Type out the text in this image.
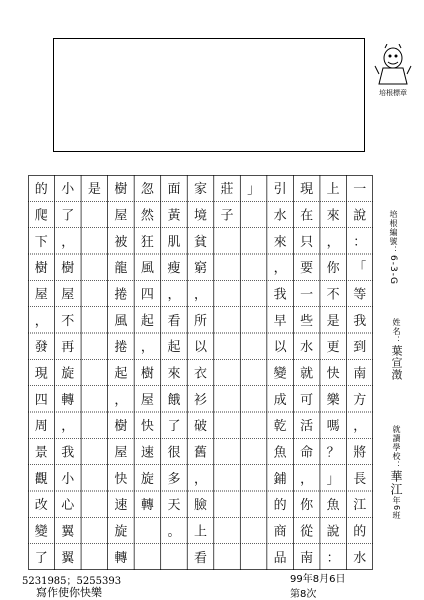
培根標章
培根編號：6-3-G
姓名：葉宣澂
就讀學校：華江年6班
一說：「等我到南方，將長江的水
上來，你不是更快樂嗎？」魚說：
現在只要一些水就可活命，你從南
引水來，我早以變成乾魚鋪的商品
」
莊子
家境貧窮，所以衣衫破舊，臉上看
面黃肌瘦，看起來餓了很多天。
忽然狂風四起，樹屋快速旋轉
樹屋被龍捲風捲起，樹屋快速旋轉
是
小了，樹屋不再旋轉，我小心翼翼
的爬下樹屋，發現四周景觀改變了
5231985；5255393
寫作使你快樂
99年8月6日
第8次
